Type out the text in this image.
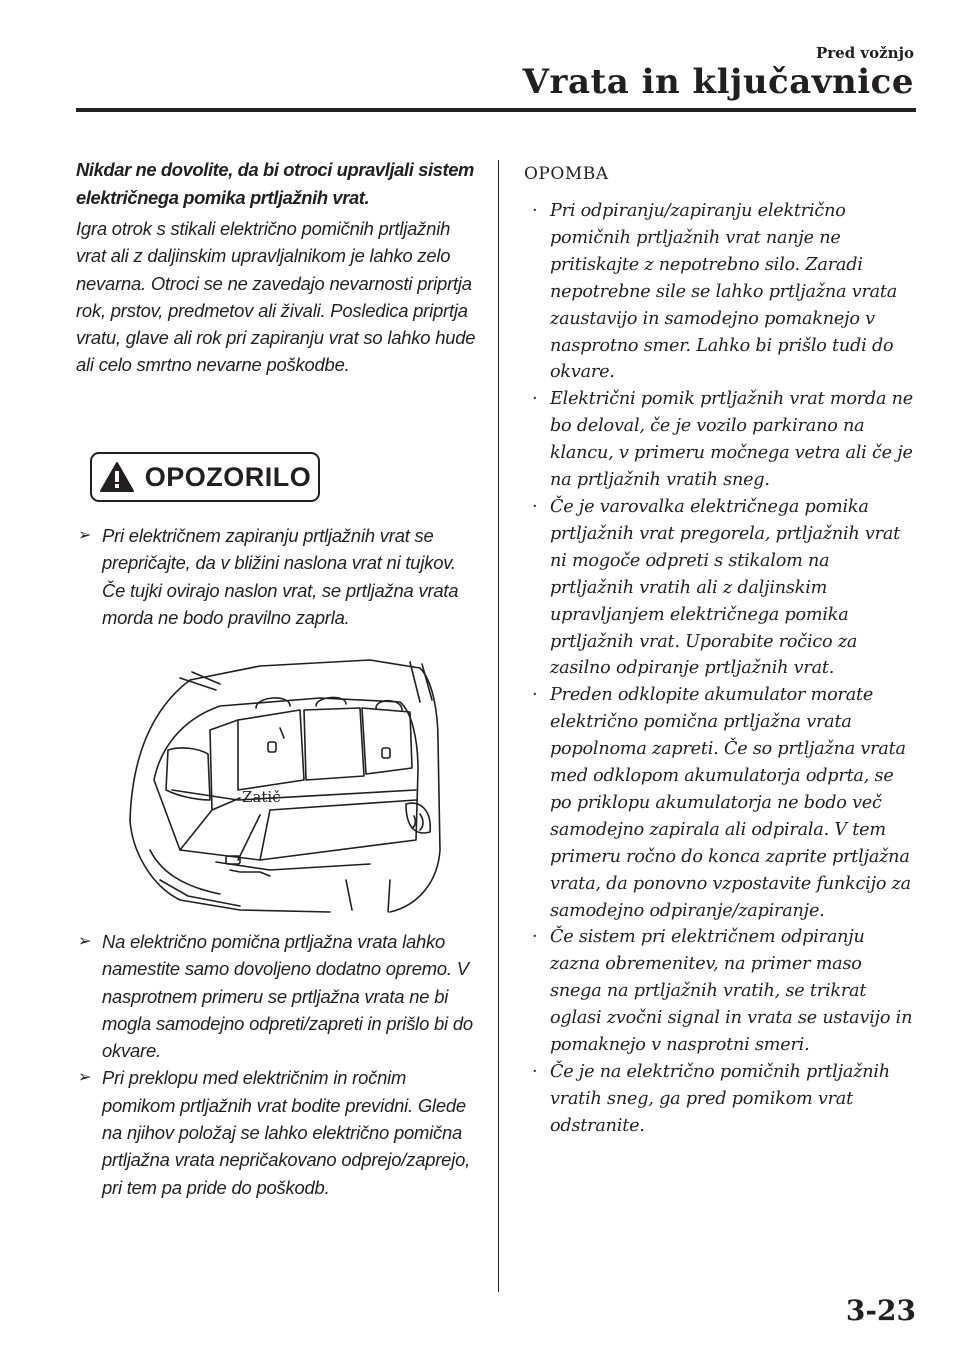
Pred vožnjo
Vrata in ključavnice
Nikdar ne dovolite, da bi otroci upravljali sistem električnega pomika prtljažnih vrat.
Igra otrok s stikali električno pomičnih prtljažnih vrat ali z daljinskim upravljalnikom je lahko zelo nevarna. Otroci se ne zavedajo nevarnosti priprtja rok, prstov, predmetov ali živali. Posledica priprtja vratu, glave ali rok pri zapiranju vrat so lahko hude ali celo smrtno nevarne poškodbe.
OPOZORILO
➢ Pri električnem zapiranju prtljažnih vrat se prepričajte, da v bližini naslona vrat ni tujkov. Če tujki ovirajo naslon vrat, se prtljažna vrata morda ne bodo pravilno zaprla.
Zatič
➢ Na električno pomična prtljažna vrata lahko namestite samo dovoljeno dodatno opremo. V nasprotnem primeru se prtljažna vrata ne bi mogla samodejno odpreti/zapreti in prišlo bi do okvare.
➢ Pri preklopu med električnim in ročnim pomikom prtljažnih vrat bodite previdni. Glede na njihov položaj se lahko električno pomična prtljažna vrata nepričakovano odprejo/zaprejo, pri tem pa pride do poškodb.
OPOMBA
· Pri odpiranju/zapiranju električno pomičnih prtljažnih vrat nanje ne pritiskajte z nepotrebno silo. Zaradi nepotrebne sile se lahko prtljažna vrata zaustavijo in samodejno pomaknejo v nasprotno smer. Lahko bi prišlo tudi do okvare.
· Električni pomik prtljažnih vrat morda ne bo deloval, če je vozilo parkirano na klancu, v primeru močnega vetra ali če je na prtljažnih vratih sneg.
· Če je varovalka električnega pomika prtljažnih vrat pregorela, prtljažnih vrat ni mogoče odpreti s stikalom na prtljažnih vratih ali z daljinskim upravljanjem električnega pomika prtljažnih vrat. Uporabite ročico za zasilno odpiranje prtljažnih vrat.
· Preden odklopite akumulator morate električno pomična prtljažna vrata popolnoma zapreti. Če so prtljažna vrata med odklopom akumulatorja odprta, se po priklopu akumulatorja ne bodo več samodejno zapirala ali odpirala. V tem primeru ročno do konca zaprite prtljažna vrata, da ponovno vzpostavite funkcijo za samodejno odpiranje/zapiranje.
· Če sistem pri električnem odpiranju zazna obremenitev, na primer maso snega na prtljažnih vratih, se trikrat oglasi zvočni signal in vrata se ustavijo in pomaknejo v nasprotni smeri.
· Če je na električno pomičnih prtljažnih vratih sneg, ga pred pomikom vrat odstranite.
3-23
